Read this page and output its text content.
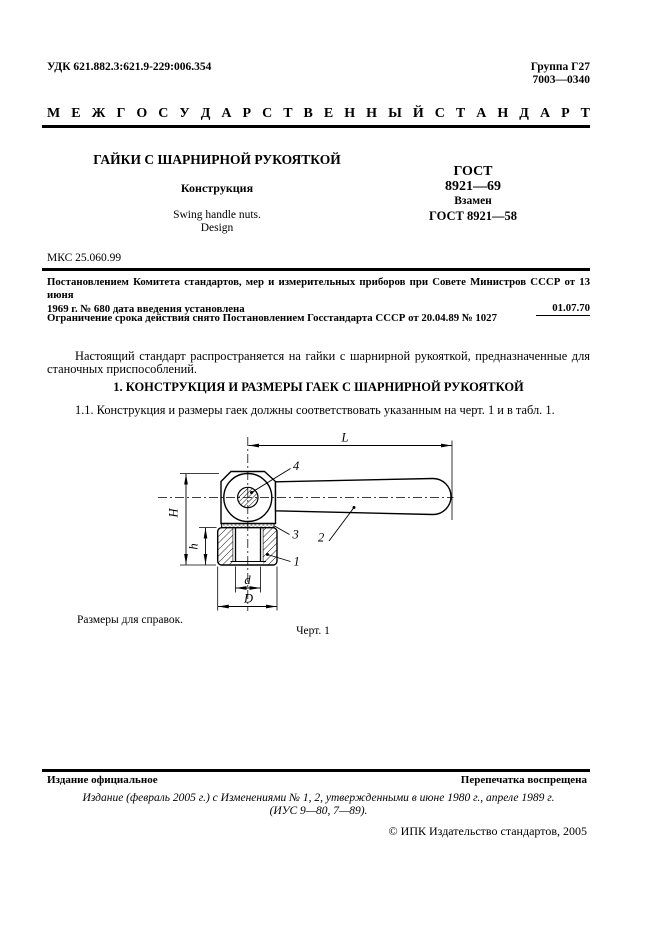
УДК 621.882.3:621.9-229:006.354	Группа Г27
7003—0340
М Е Ж Г О С У Д А Р С Т В Е Н Н Ы Й С Т А Н Д А Р Т
ГАЙКИ С ШАРНИРНОЙ РУКОЯТКОЙ
Конструкция
Swing handle nuts.
Design
ГОСТ
8921—69
Взамен
ГОСТ 8921—58
МКС 25.060.99
Постановлением Комитета стандартов, мер и измерительных приборов при Совете Министров СССР от 13 июня
1969 г. № 680 дата введения установлена	01.07.70
Ограничение срока действия снято Постановлением Госстандарта СССР от 20.04.89 № 1027
Настоящий стандарт распространяется на гайки с шарнирной рукояткой, предназначенные для станочных приспособлений.
1. КОНСТРУКЦИЯ И РАЗМЕРЫ ГАЕК С ШАРНИРНОЙ РУКОЯТКОЙ
1.1. Конструкция и размеры гаек должны соответствовать указанным на черт. 1 и в табл. 1.
L
H
h
d
D
4
3 2
1
Размеры для справок.
Черт. 1
Издание официальное	Перепечатка воспрещена
Издание (февраль 2005 г.) с Изменениями № 1, 2, утвержденными в июне 1980 г., апреле 1989 г.
(ИУС 9—80, 7—89).
© ИПК Издательство стандартов, 2005
